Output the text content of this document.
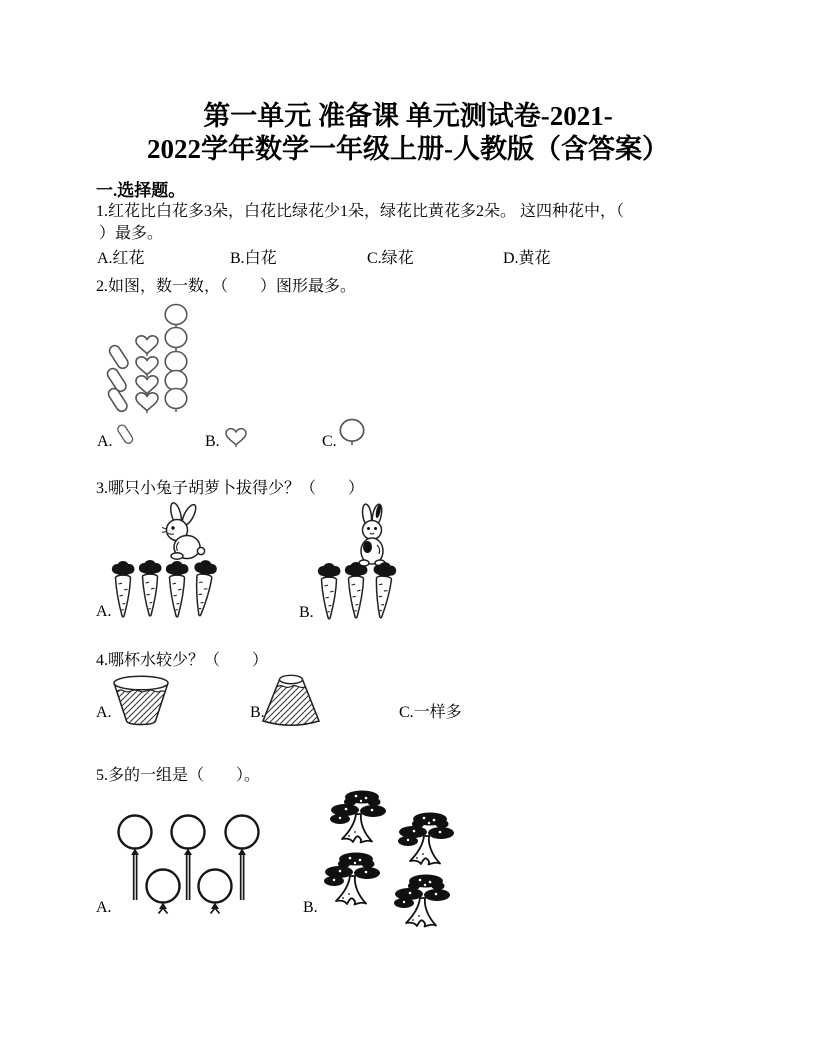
第一单元 准备课 单元测试卷-2021-
2022学年数学一年级上册-人教版（含答案）
一.选择题。
1.红花比白花多3朵，白花比绿花少1朵，绿花比黄花多2朵。 这四种花中，（
）最多。
A.红花	B.白花	C.绿花	D.黄花
2.如图，数一数，（　　）图形最多。
A.	B.	C.
3.哪只小兔子胡萝卜拔得少？（　　）
A.	B.
4.哪杯水较少？（　　）
A.	B.	C.一样多
5.多的一组是（　　）。
A.	B.
